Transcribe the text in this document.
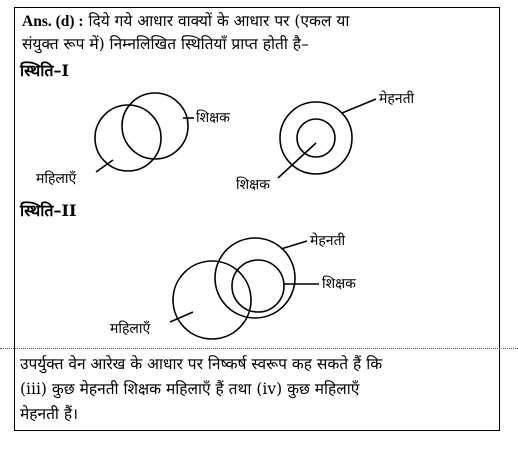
Ans. (d) : दिये गये आधार वाक्यों के आधार पर (एकल या
संयुक्त रूप में) निम्नलिखित स्थितियाँ प्राप्त होती है–
स्थिति–I
स्थिति–II
शिक्षक
महिलाएँ
मेहनती
शिक्षक
मेहनती
शिक्षक
महिलाएँ
उपर्युक्त वेन आरेख के आधार पर निष्कर्ष स्वरूप कह सकते हैं कि
(iii) कुछ मेहनती शिक्षक महिलाएँ हैं तथा (iv) कुछ महिलाएँ
मेहनती हैं।
